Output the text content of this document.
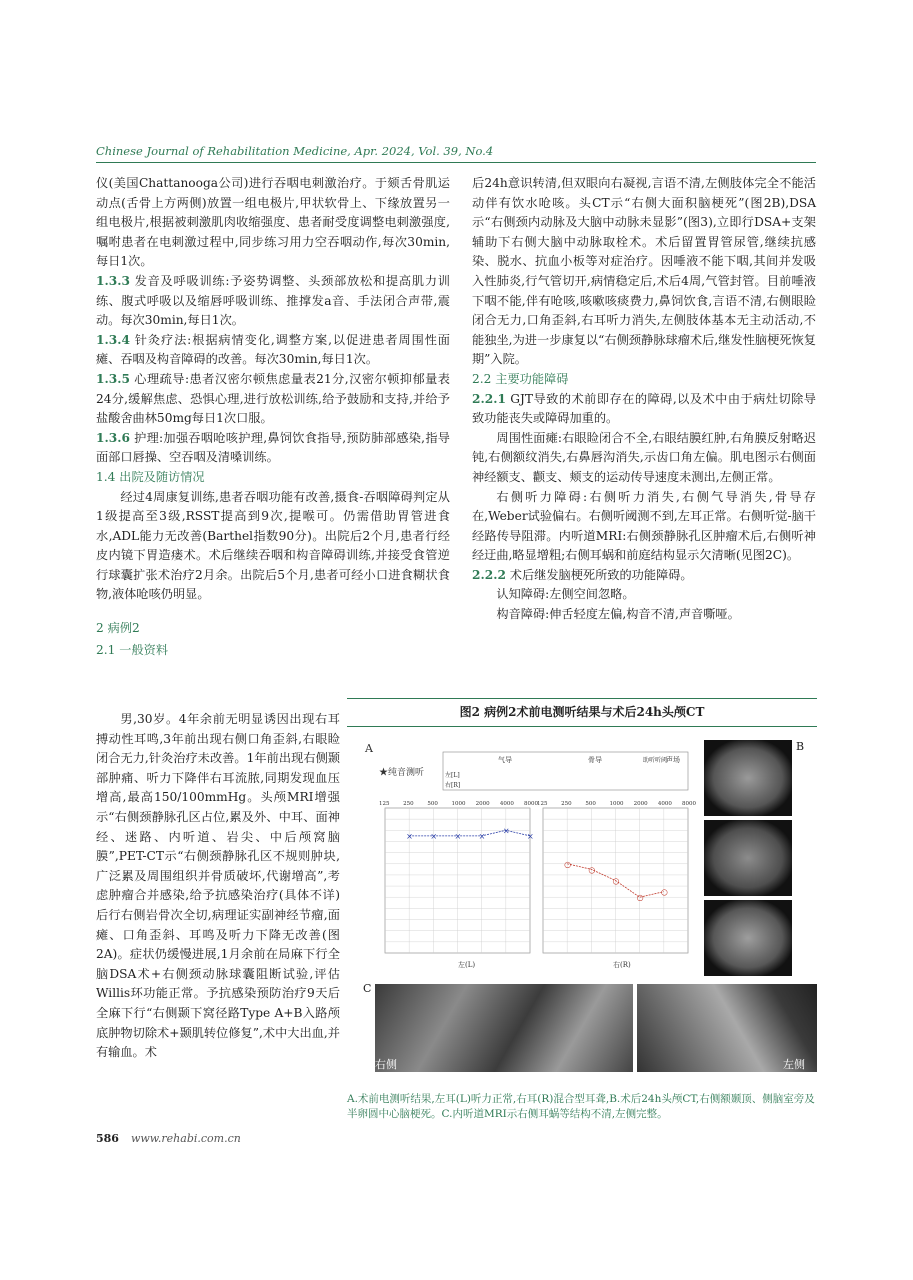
Chinese Journal of Rehabilitation Medicine, Apr. 2024, Vol. 39, No.4

仪(美国Chattanooga公司)进行吞咽电刺激治疗。于颏舌骨肌运动点(舌骨上方两侧)放置一组电极片,甲状软骨上、下缘放置另一组电极片,根据被刺激肌肉收缩强度、患者耐受度调整电刺激强度,嘱咐患者在电刺激过程中,同步练习用力空吞咽动作,每次30min,每日1次。

1.3.3 发音及呼吸训练:予姿势调整、头颈部放松和提高肌力训练、腹式呼吸以及缩唇呼吸训练、推撑发a音、手法闭合声带,震动。每次30min,每日1次。

1.3.4 针灸疗法:根据病情变化,调整方案,以促进患者周围性面瘫、吞咽及构音障碍的改善。每次30min,每日1次。

1.3.5 心理疏导:患者汉密尔顿焦虑量表21分,汉密尔顿抑郁量表24分,缓解焦虑、恐惧心理,进行放松训练,给予鼓励和支持,并给予盐酸舍曲林50mg每日1次口服。

1.3.6 护理:加强吞咽呛咳护理,鼻饲饮食指导,预防肺部感染,指导面部口唇操、空吞咽及清嗓训练。

1.4 出院及随访情况

经过4周康复训练,患者吞咽功能有改善,摄食-吞咽障碍判定从1级提高至3级,RSST提高到9次,提喉可。仍需借助胃管进食水,ADL能力无改善(Barthel指数90分)。出院后2个月,患者行经皮内镜下胃造瘘术。术后继续吞咽和构音障碍训练,并接受食管逆行球囊扩张术治疗2月余。出院后5个月,患者可经小口进食糊状食物,液体呛咳仍明显。

2 病例2

2.1 一般资料

男,30岁。4年余前无明显诱因出现右耳搏动性耳鸣,3年前出现右侧口角歪斜,右眼睑闭合无力,针灸治疗未改善。1年前出现右侧颞部肿痛、听力下降伴右耳流脓,同期发现血压增高,最高150/100mmHg。头颅MRI增强示“右侧颈静脉孔区占位,累及外、中耳、面神经、迷路、内听道、岩尖、中后颅窝脑膜”,PET-CT示“右侧颈静脉孔区不规则肿块,广泛累及周围组织并骨质破坏,代谢增高”,考虑肿瘤合并感染,给予抗感染治疗(具体不详)后行右侧岩骨次全切,病理证实副神经节瘤,面瘫、口角歪斜、耳鸣及听力下降无改善(图2A)。症状仍缓慢进展,1月余前在局麻下行全脑DSA术+右侧颈动脉球囊阻断试验,评估Willis环功能正常。予抗感染预防治疗9天后全麻下行“右侧颞下窝径路Type A+B入路颅底肿物切除术+颞肌转位修复”,术中大出血,并有输血。术

后24h意识转清,但双眼向右凝视,言语不清,左侧肢体完全不能活动伴有饮水呛咳。头CT示“右侧大面积脑梗死”(图2B),DSA示“右侧颈内动脉及大脑中动脉未显影”(图3),立即行DSA+支架辅助下右侧大脑中动脉取栓术。术后留置胃管尿管,继续抗感染、脱水、抗血小板等对症治疗。因唾液不能下咽,其间并发吸入性肺炎,行气管切开,病情稳定后,术后4周,气管封管。目前唾液下咽不能,伴有呛咳,咳嗽咳痰费力,鼻饲饮食,言语不清,右侧眼睑闭合无力,口角歪斜,右耳听力消失,左侧肢体基本无主动活动,不能独坐,为进一步康复以“右侧颈静脉球瘤术后,继发性脑梗死恢复期”入院。

2.2 主要功能障碍

2.2.1 GJT导致的术前即存在的障碍,以及术中由于病灶切除导致功能丧失或障碍加重的。

周围性面瘫:右眼睑闭合不全,右眼结膜红肿,右角膜反射略迟钝,右侧额纹消失,右鼻唇沟消失,示齿口角左偏。肌电图示右侧面神经额支、颧支、颊支的运动传导速度未测出,左侧正常。

右侧听力障碍:右侧听力消失,右侧气导消失,骨导存在,Weber试验偏右。右侧听阈测不到,左耳正常。右侧听觉-脑干经路传导阻滞。内听道MRI:右侧颈静脉孔区肿瘤术后,右侧听神经迂曲,略显增粗;右侧耳蜗和前庭结构显示欠清晰(见图2C)。

2.2.2 术后继发脑梗死所致的功能障碍。

认知障碍:左侧空间忽略。

构音障碍:伸舌轻度左偏,构音不清,声音嘶哑。

图2 病例2术前电测听结果与术后24h头颅CT
A
★纯音测听
气导	骨导	助听听阈
声场
左[L]
右[R]
125 250 500 1000 2000 4000 8000
× × × ×
×
×
125 250 500 1000 2000 4000 8000
○
○
○
○
○
左(L)	右(R)
B
C
右侧	左侧
A.术前电测听结果,左耳(L)听力正常,右耳(R)混合型耳聋,B.术后24h头颅CT,右侧额颞顶、侧脑室旁及半卵圆中心脑梗死。C.内听道MRI示右侧耳蜗等结构不清,左侧完整。
586 www.rehabi.com.cn
